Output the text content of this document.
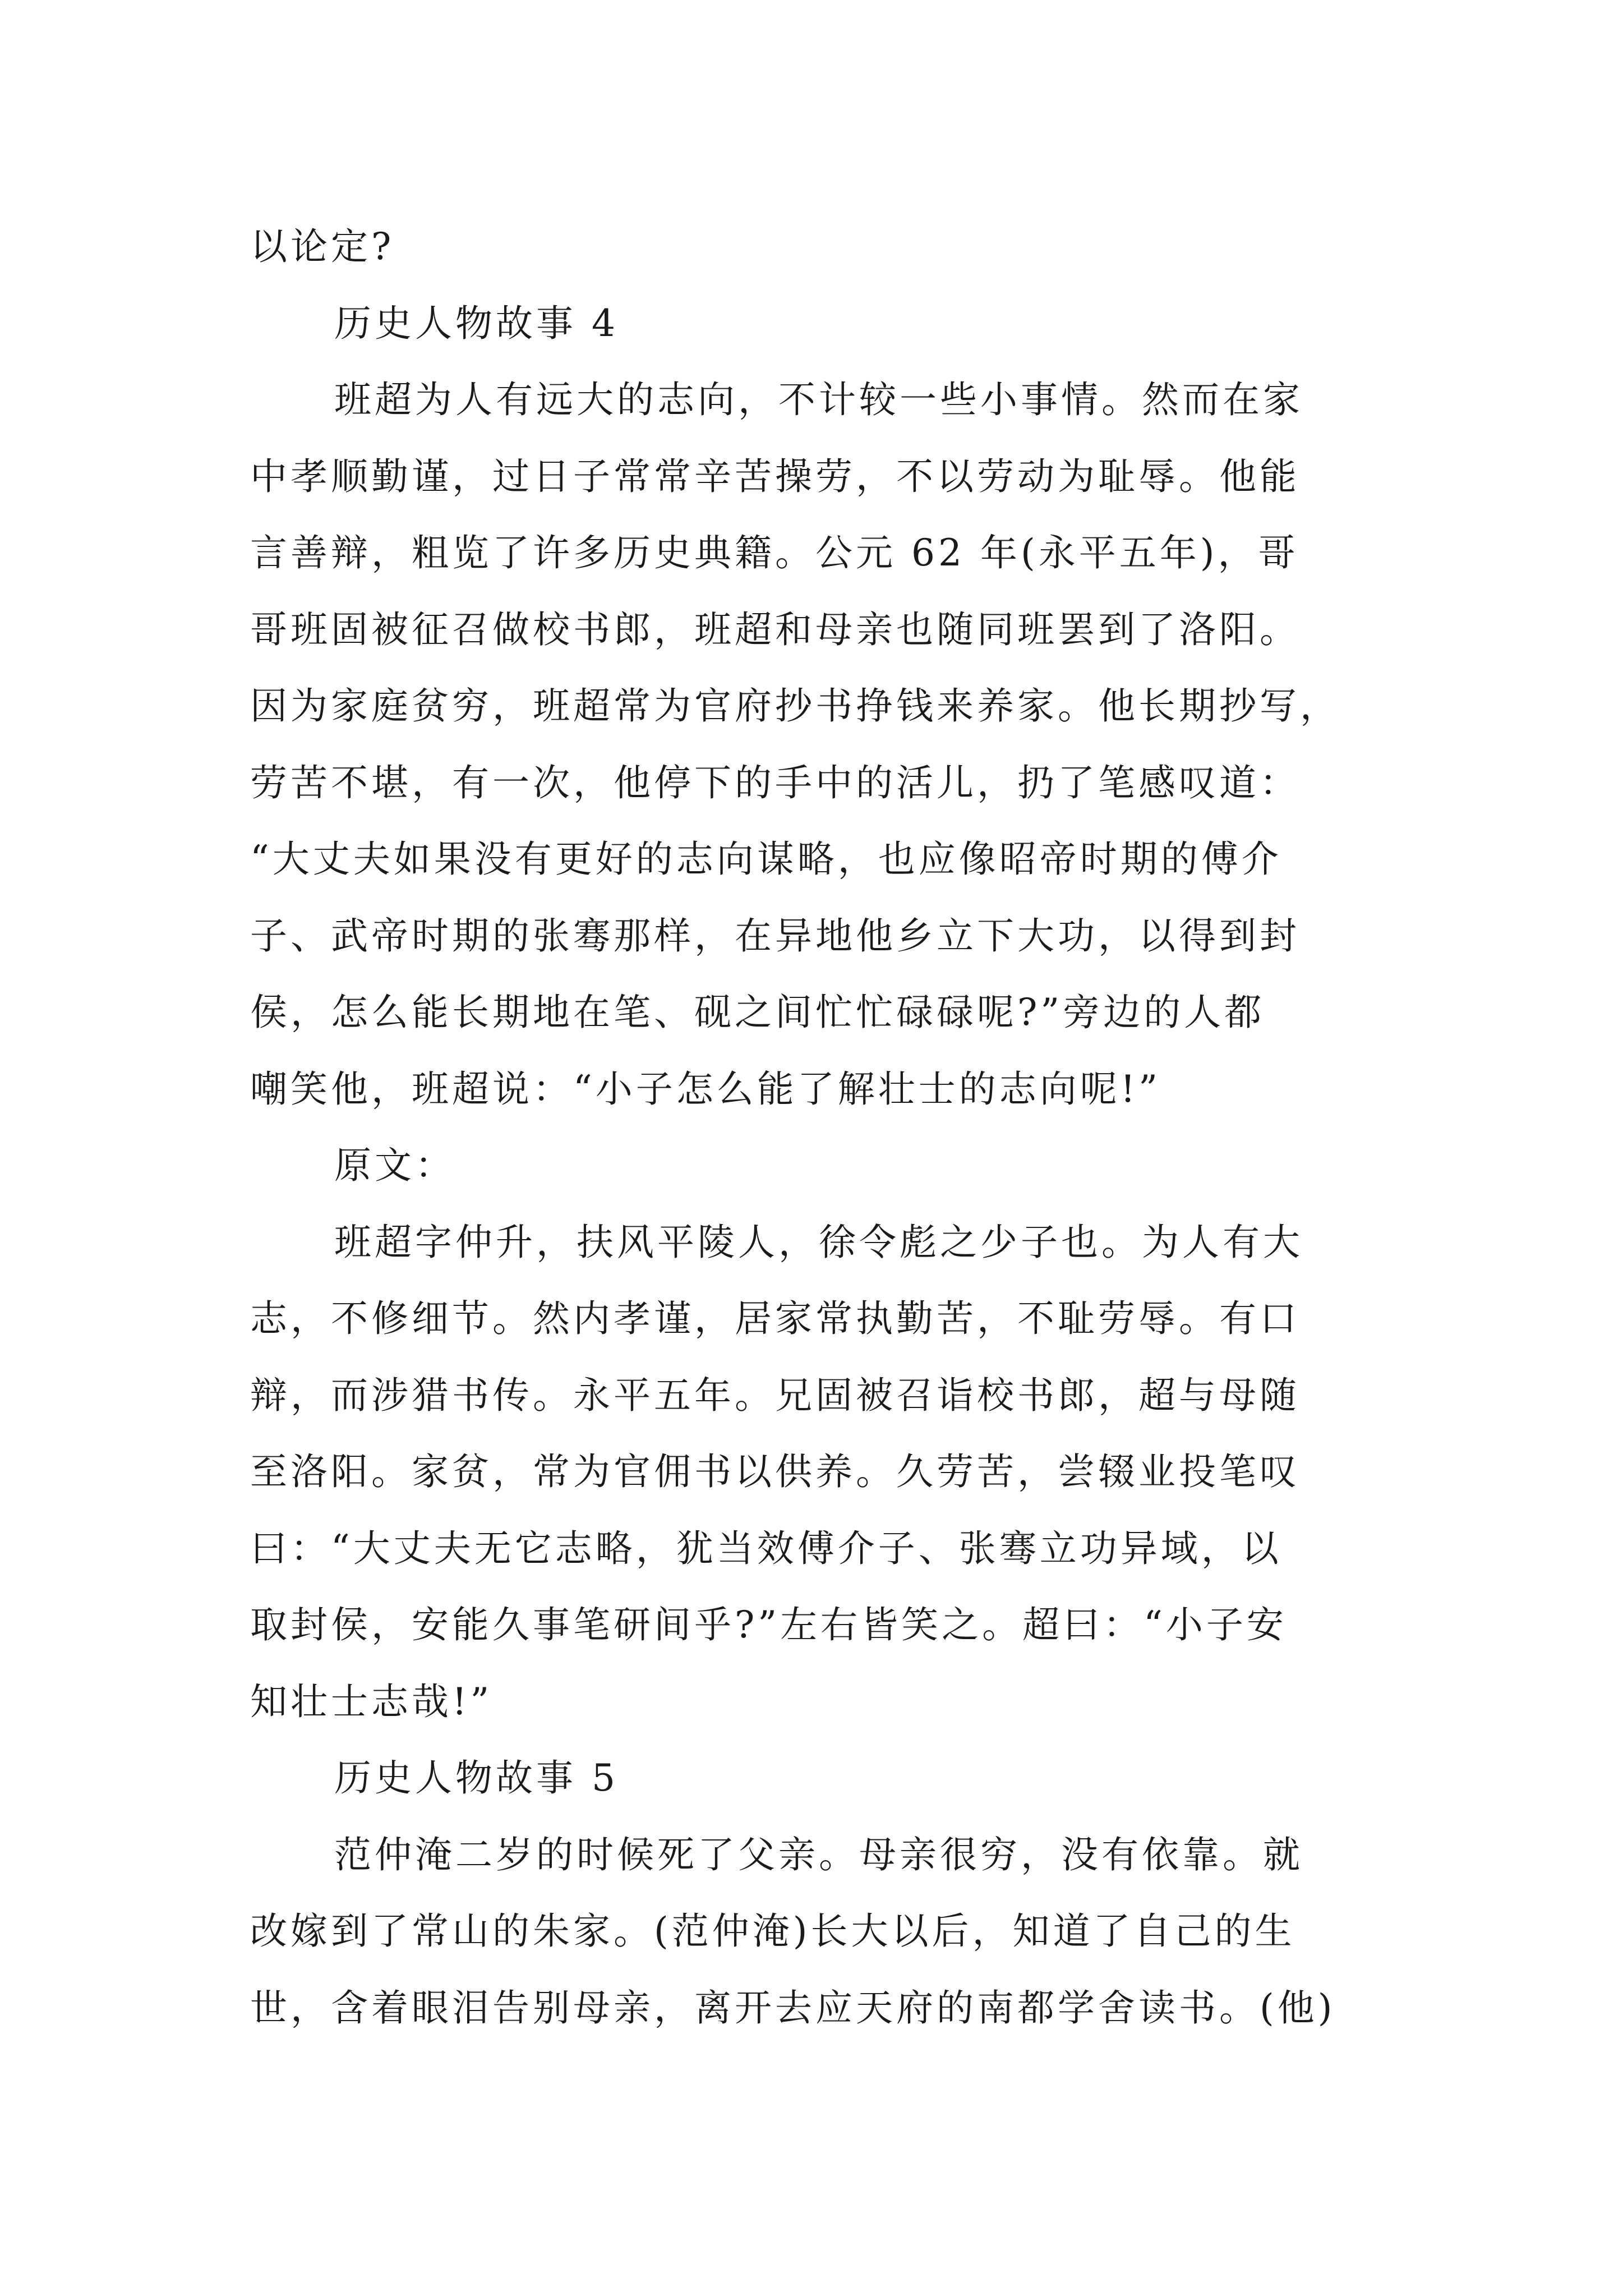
以论定?
历史人物故事 4
班超为人有远大的志向，不计较一些小事情。然而在家
中孝顺勤谨，过日子常常辛苦操劳，不以劳动为耻辱。他能
言善辩，粗览了许多历史典籍。公元 62 年(永平五年)，哥
哥班固被征召做校书郎，班超和母亲也随同班罢到了洛阳。
因为家庭贫穷，班超常为官府抄书挣钱来养家。他长期抄写，
劳苦不堪，有一次，他停下的手中的活儿，扔了笔感叹道：
“大丈夫如果没有更好的志向谋略，也应像昭帝时期的傅介
子、武帝时期的张骞那样，在异地他乡立下大功，以得到封
侯，怎么能长期地在笔、砚之间忙忙碌碌呢?”旁边的人都
嘲笑他，班超说：“小子怎么能了解壮士的志向呢!”
原文：
班超字仲升，扶风平陵人，徐令彪之少子也。为人有大
志，不修细节。然内孝谨，居家常执勤苦，不耻劳辱。有口
辩，而涉猎书传。永平五年。兄固被召诣校书郎，超与母随
至洛阳。家贫，常为官佣书以供养。久劳苦，尝辍业投笔叹
曰：“大丈夫无它志略，犹当效傅介子、张骞立功异域，以
取封侯，安能久事笔研间乎?”左右皆笑之。超曰：“小子安
知壮士志哉!”
历史人物故事 5
范仲淹二岁的时候死了父亲。母亲很穷，没有依靠。就
改嫁到了常山的朱家。(范仲淹)长大以后，知道了自己的生
世，含着眼泪告别母亲，离开去应天府的南都学舍读书。(他)
